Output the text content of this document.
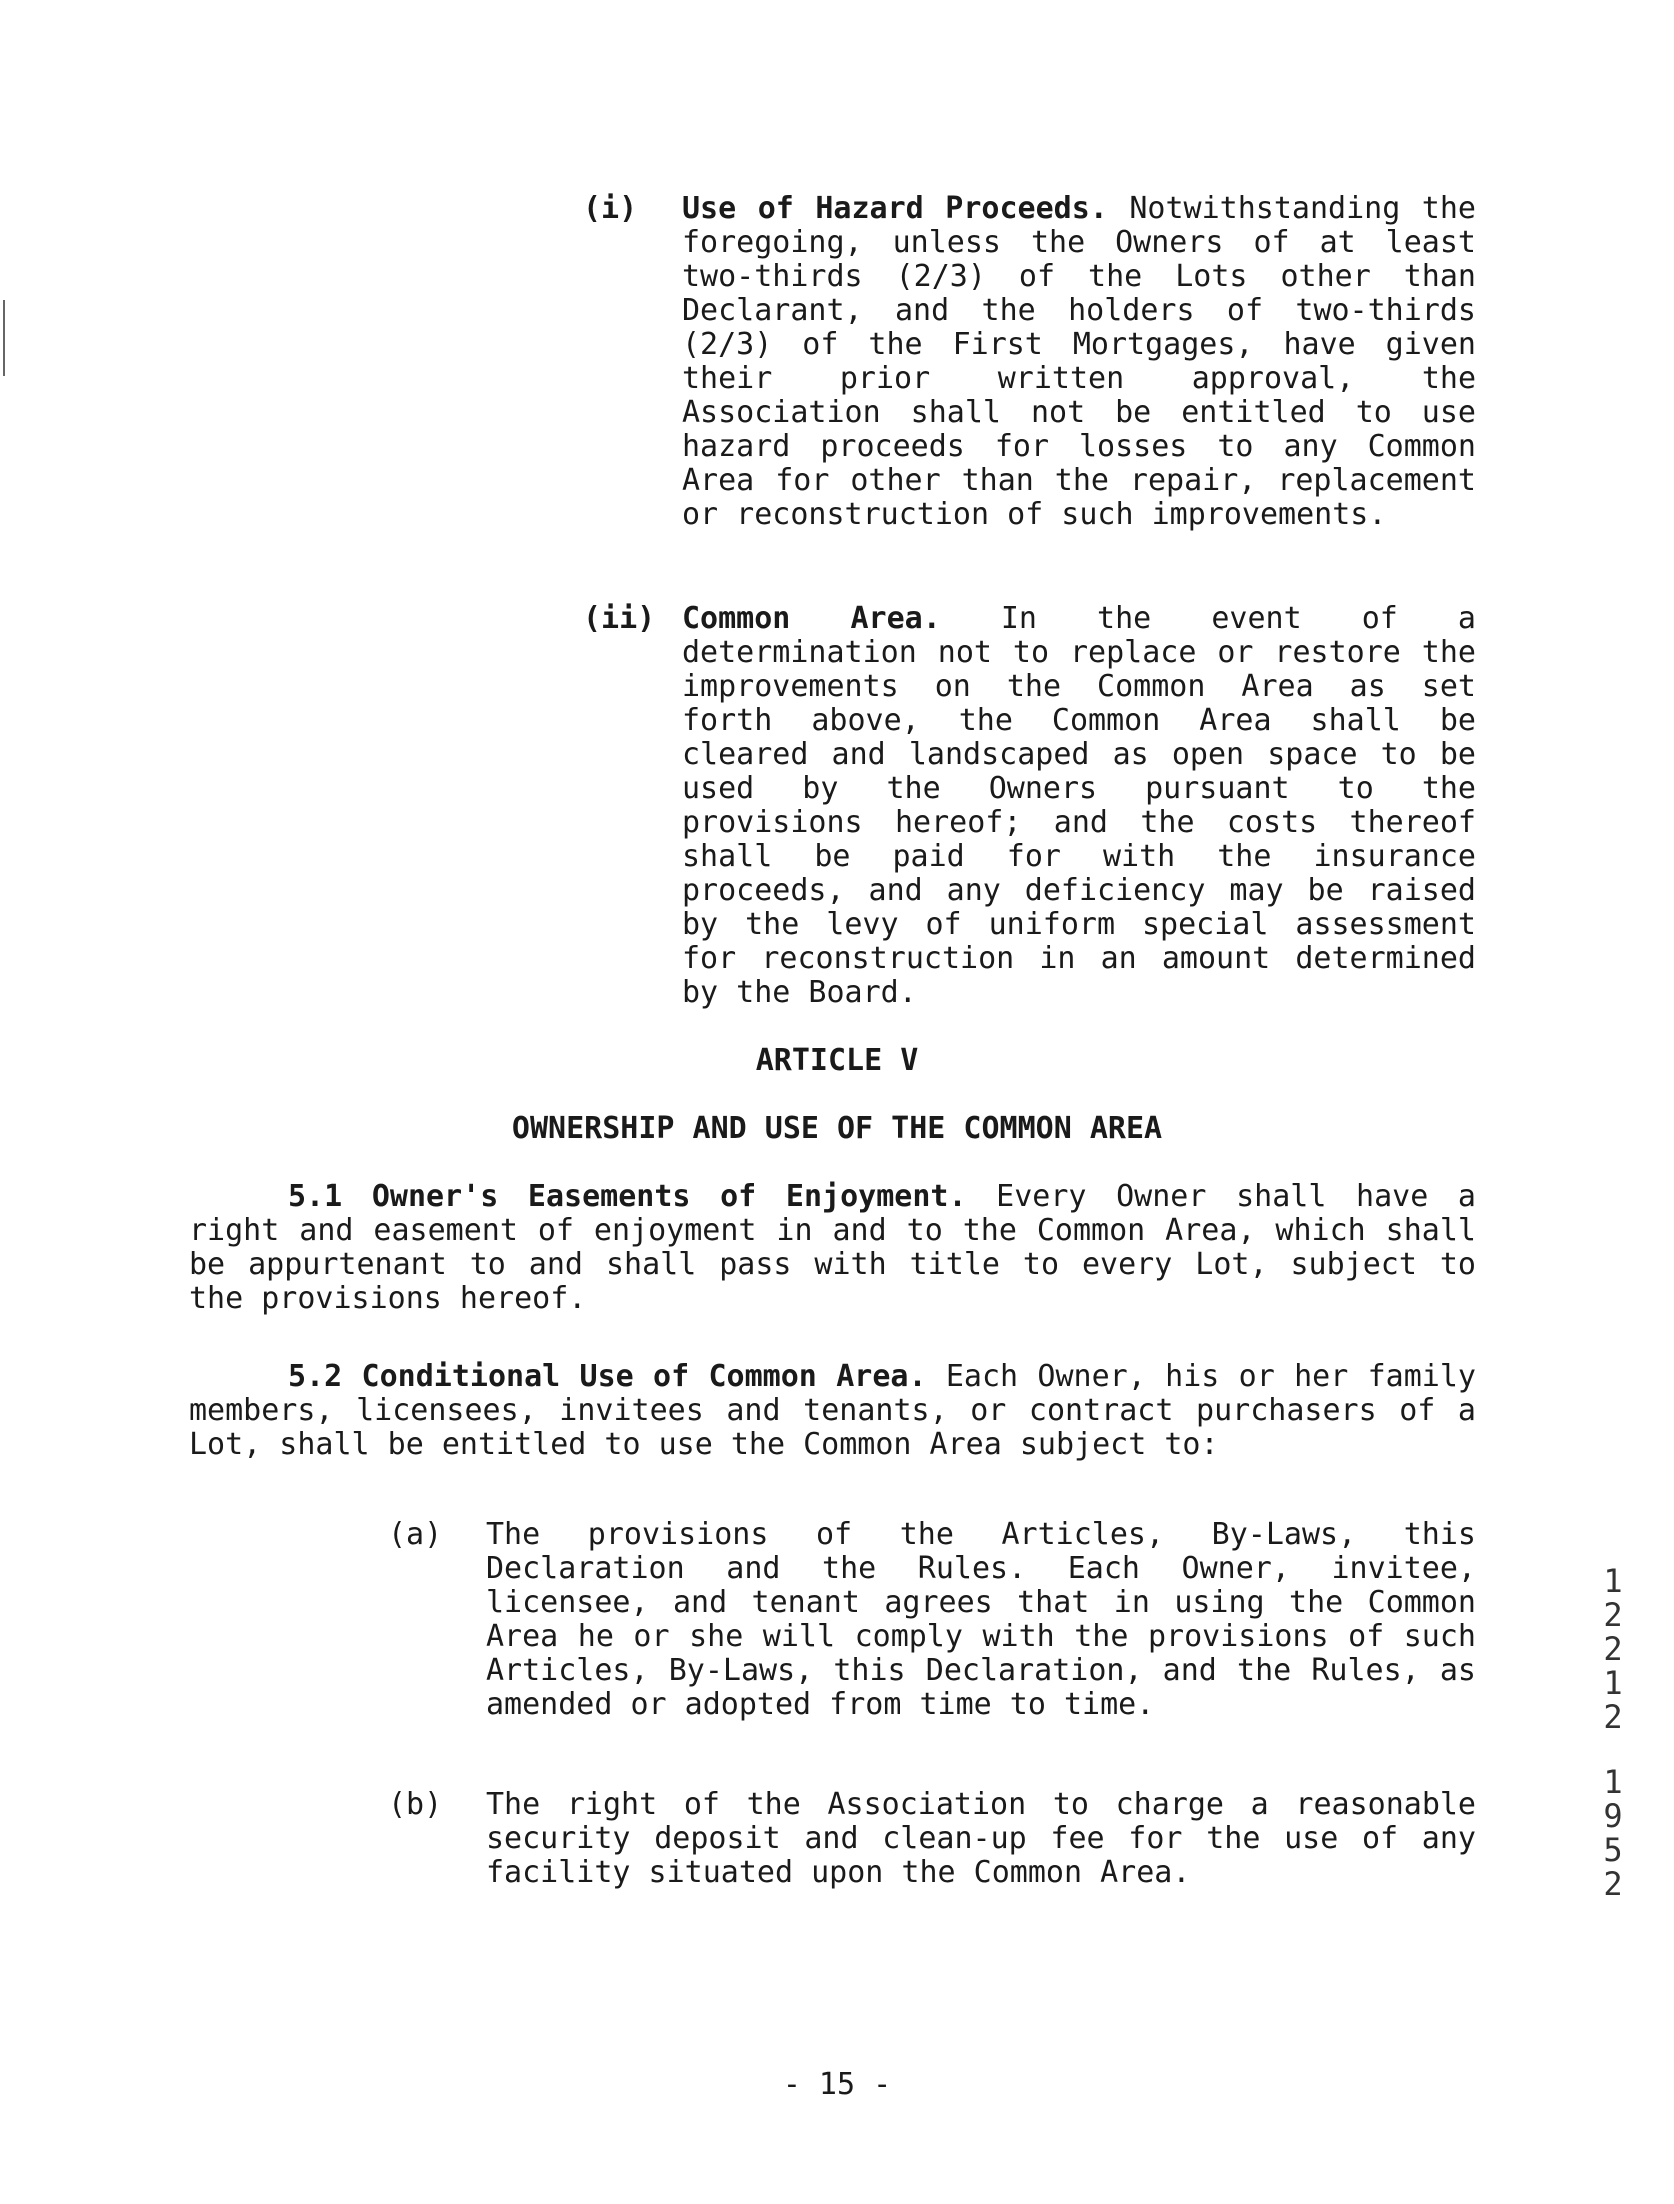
(i) Use of Hazard Proceeds. Notwithstanding the foregoing, unless the Owners of at least two-thirds (2/3) of the Lots other than Declarant, and the holders of two-thirds (2/3) of the First Mortgages, have given their prior written approval, the Association shall not be entitled to use hazard proceeds for losses to any Common Area for other than the repair, replacement or reconstruction of such improvements.
(ii) Common Area. In the event of a determination not to replace or restore the improvements on the Common Area as set forth above, the Common Area shall be cleared and landscaped as open space to be used by the Owners pursuant to the provisions hereof; and the costs thereof shall be paid for with the insurance proceeds, and any deficiency may be raised by the levy of uniform special assessment for reconstruction in an amount determined by the Board.
ARTICLE V
OWNERSHIP AND USE OF THE COMMON AREA
5.1 Owner's Easements of Enjoyment. Every Owner shall have a right and easement of enjoyment in and to the Common Area, which shall be appurtenant to and shall pass with title to every Lot, subject to the provisions hereof.
5.2 Conditional Use of Common Area. Each Owner, his or her family members, licensees, invitees and tenants, or contract purchasers of a Lot, shall be entitled to use the Common Area subject to:
(a) The provisions of the Articles, By-Laws, this Declaration and the Rules. Each Owner, invitee, licensee, and tenant agrees that in using the Common Area he or she will comply with the provisions of such Articles, By-Laws, this Declaration, and the Rules, as amended or adopted from time to time.
(b) The right of the Association to charge a reasonable security deposit and clean-up fee for the use of any facility situated upon the Common Area.
- 15 -
12212
1952
